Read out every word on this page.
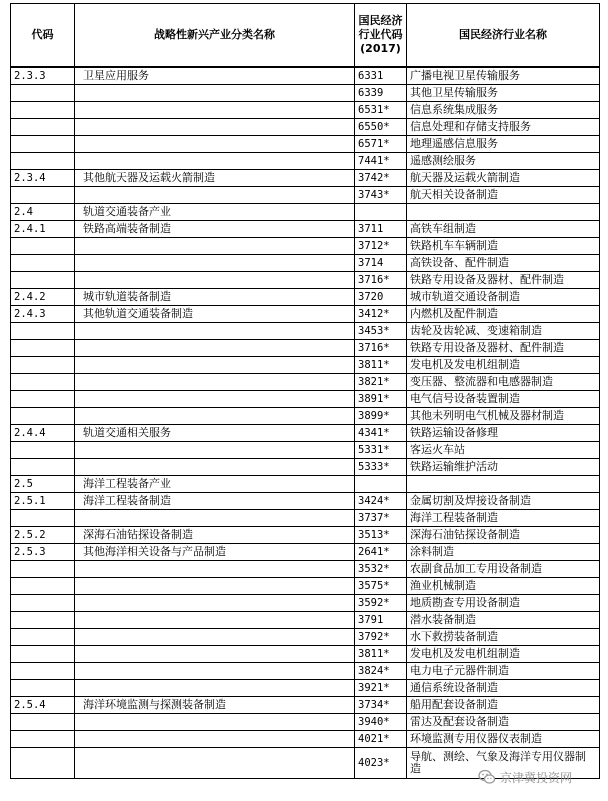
代码	战略性新兴产业分类名称	国民经济行业代码(2017)	国民经济行业名称
2.3.3	卫星应用服务	6331	广播电视卫星传输服务
		6339	其他卫星传输服务
		6531*	信息系统集成服务
		6550*	信息处理和存储支持服务
		6571*	地理遥感信息服务
		7441*	遥感测绘服务
2.3.4	其他航天器及运载火箭制造	3742*	航天器及运载火箭制造
		3743*	航天相关设备制造
2.4	轨道交通装备产业		
2.4.1	铁路高端装备制造	3711	高铁车组制造
		3712*	铁路机车车辆制造
		3714	高铁设备、配件制造
		3716*	铁路专用设备及器材、配件制造
2.4.2	城市轨道装备制造	3720	城市轨道交通设备制造
2.4.3	其他轨道交通装备制造	3412*	内燃机及配件制造
		3453*	齿轮及齿轮减、变速箱制造
		3716*	铁路专用设备及器材、配件制造
		3811*	发电机及发电机组制造
		3821*	变压器、整流器和电感器制造
		3891*	电气信号设备装置制造
		3899*	其他未列明电气机械及器材制造
2.4.4	轨道交通相关服务	4341*	铁路运输设备修理
		5331*	客运火车站
		5333*	铁路运输维护活动
2.5	海洋工程装备产业		
2.5.1	海洋工程装备制造	3424*	金属切割及焊接设备制造
		3737*	海洋工程装备制造
2.5.2	深海石油钻探设备制造	3513*	深海石油钻探设备制造
2.5.3	其他海洋相关设备与产品制造	2641*	涂料制造
		3532*	农副食品加工专用设备制造
		3575*	渔业机械制造
		3592*	地质勘查专用设备制造
		3791	潜水装备制造
		3792*	水下救捞装备制造
		3811*	发电机及发电机组制造
		3824*	电力电子元器件制造
		3921*	通信系统设备制造
2.5.4	海洋环境监测与探测装备制造	3734*	船用配套设备制造
		3940*	雷达及配套设备制造
		4021*	环境监测专用仪器仪表制造
		4023*	导航、测绘、气象及海洋专用仪器制造
京津冀投资网
